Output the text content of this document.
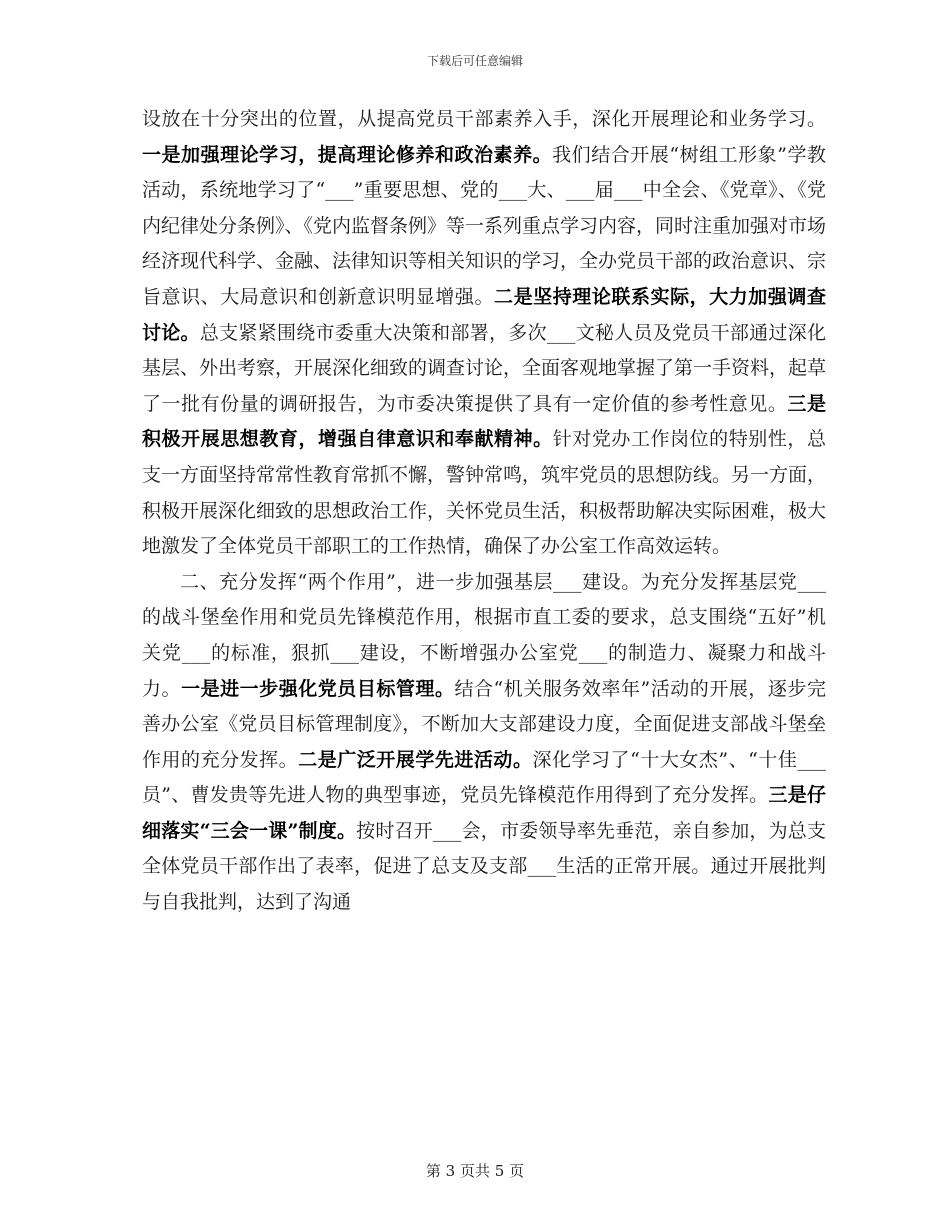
下载后可任意编辑

设放在十分突出的位置，从提高党员干部素养入手，深化开展理论和业务学习。一是加强理论学习，提高理论修养和政治素养。我们结合开展“树组工形象”学教活动，系统地学习了“___”重要思想、党的___大、___届___中全会、《党章》、《党内纪律处分条例》、《党内监督条例》等一系列重点学习内容，同时注重加强对市场经济现代科学、金融、法律知识等相关知识的学习，全办党员干部的政治意识、宗旨意识、大局意识和创新意识明显增强。二是坚持理论联系实际，大力加强调查讨论。总支紧紧围绕市委重大决策和部署，多次___文秘人员及党员干部通过深化基层、外出考察，开展深化细致的调查讨论，全面客观地掌握了第一手资料，起草了一批有份量的调研报告，为市委决策提供了具有一定价值的参考性意见。三是积极开展思想教育，增强自律意识和奉献精神。针对党办工作岗位的特别性，总支一方面坚持常常性教育常抓不懈，警钟常鸣，筑牢党员的思想防线。另一方面，积极开展深化细致的思想政治工作，关怀党员生活，积极帮助解决实际困难，极大地激发了全体党员干部职工的工作热情，确保了办公室工作高效运转。

二、充分发挥“两个作用”，进一步加强基层___建设。为充分发挥基层党___的战斗堡垒作用和党员先锋模范作用，根据市直工委的要求，总支围绕“五好”机关党___的标准，狠抓___建设，不断增强办公室党___的制造力、凝聚力和战斗力。一是进一步强化党员目标管理。结合“机关服务效率年”活动的开展，逐步完善办公室《党员目标管理制度》，不断加大支部建设力度，全面促进支部战斗堡垒作用的充分发挥。二是广泛开展学先进活动。深化学习了“十大女杰”、“十佳___员”、曹发贵等先进人物的典型事迹，党员先锋模范作用得到了充分发挥。三是仔细落实“三会一课”制度。按时召开___会，市委领导率先垂范，亲自参加，为总支全体党员干部作出了表率，促进了总支及支部___生活的正常开展。通过开展批判与自我批判，达到了沟通

第 3 页共 5 页
